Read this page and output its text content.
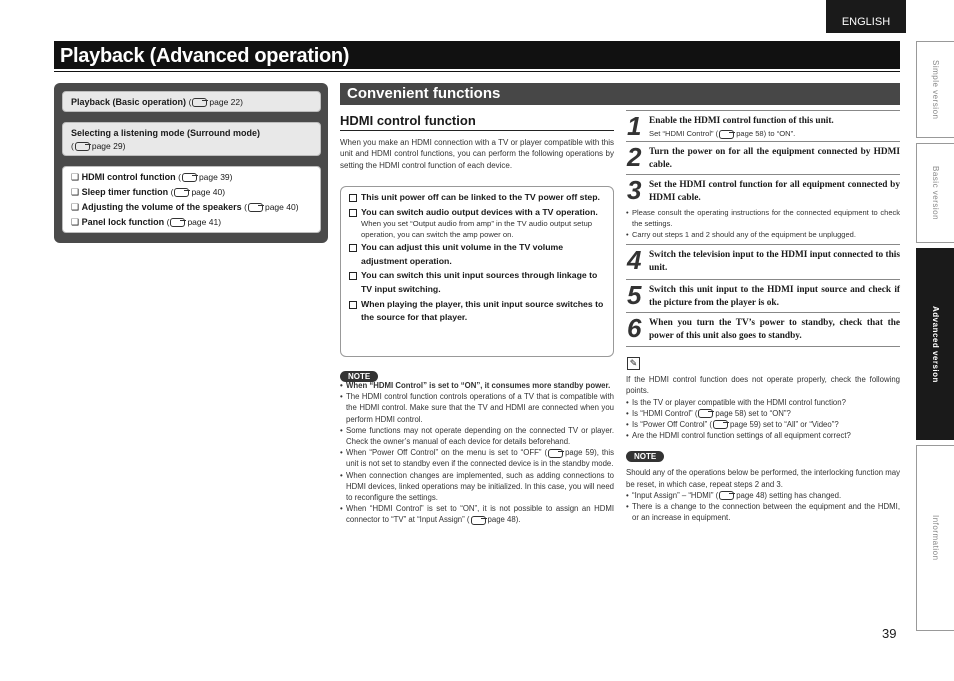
ENGLISH
Playback (Advanced operation)
Simple version
Basic version
Advanced version
Information
39
Playback (Basic operation) ( page 22)
Selecting a listening mode (Surround mode)
( page 29)
❑ HDMI control function ( page 39)
❑ Sleep timer function ( page 40)
❑ Adjusting the volume of the speakers ( page 40)
❑ Panel lock function ( page 41)
Convenient functions
HDMI control function
When you make an HDMI connection with a TV or player compatible with this unit and HDMI control functions, you can perform the following operations by setting the HDMI control function of each device.
This unit power off can be linked to the TV power off step.
You can switch audio output devices with a TV operation.
When you set “Output audio from amp” in the TV audio output setup operation, you can switch the amp power on.
You can adjust this unit volume in the TV volume adjustment operation.
You can switch this unit input sources through linkage to TV input switching.
When playing the player, this unit input source switches to the source for that player.
NOTE
• When “HDMI Control” is set to “ON”, it consumes more standby power.
• The HDMI control function controls operations of a TV that is compatible with the HDMI control. Make sure that the TV and HDMI are connected when you perform HDMI control.
• Some functions may not operate depending on the connected TV or player. Check the owner’s manual of each device for details beforehand.
• When “Power Off Control” on the menu is set to “OFF” ( page 59), this unit is not set to standby even if the connected device is in the standby mode.
• When connection changes are implemented, such as adding connections to HDMI devices, linked operations may be initialized. In this case, you will need to reconfigure the settings.
• When “HDMI Control” is set to “ON”, it is not possible to assign an HDMI connector to “TV” at “Input Assign” ( page 48).
1 Enable the HDMI control function of this unit.
Set “HDMI Control” ( page 58) to “ON”.
2 Turn the power on for all the equipment connected by HDMI cable.
3 Set the HDMI control function for all equipment connected by HDMI cable.
• Please consult the operating instructions for the connected equipment to check the settings.
• Carry out steps 1 and 2 should any of the equipment be unplugged.
4 Switch the television input to the HDMI input connected to this unit.
5 Switch this unit input to the HDMI input source and check if the picture from the player is ok.
6 When you turn the TV’s power to standby, check that the power of this unit also goes to standby.
✎
If the HDMI control function does not operate properly, check the following points.
• Is the TV or player compatible with the HDMI control function?
• Is “HDMI Control” ( page 58) set to “ON”?
• Is “Power Off Control” ( page 59) set to “All” or “Video”?
• Are the HDMI control function settings of all equipment correct?
NOTE
Should any of the operations below be performed, the interlocking function may be reset, in which case, repeat steps 2 and 3.
• “Input Assign” – “HDMI” ( page 48) setting has changed.
• There is a change to the connection between the equipment and the HDMI, or an increase in equipment.
